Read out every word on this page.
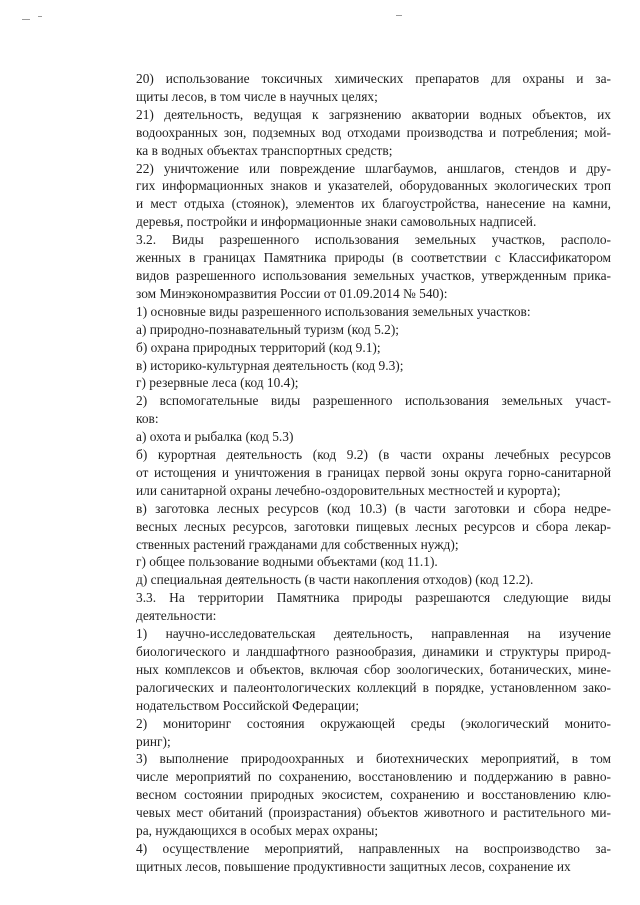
20) использование токсичных химических препаратов для охраны и за-
щиты лесов, в том числе в научных целях;

21) деятельность, ведущая к загрязнению акватории водных объектов, их
водоохранных зон, подземных вод отходами производства и потребления; мой-
ка в водных объектах транспортных средств;

22) уничтожение или повреждение шлагбаумов, аншлагов, стендов и дру-
гих информационных знаков и указателей, оборудованных экологических троп
и мест отдыха (стоянок), элементов их благоустройства, нанесение на камни,
деревья, постройки и информационные знаки самовольных надписей.

3.2. Виды разрешенного использования земельных участков, располо-
женных в границах Памятника природы (в соответствии с Классификатором
видов разрешенного использования земельных участков, утвержденным прика-
зом Минэкономразвития России от 01.09.2014 № 540):

1) основные виды разрешенного использования земельных участков:

а) природно-познавательный туризм (код 5.2);

б) охрана природных территорий (код 9.1);

в) историко-культурная деятельность (код 9.3);

г) резервные леса (код 10.4);

2) вспомогательные виды разрешенного использования земельных участ-
ков:

а) охота и рыбалка (код 5.3)

б) курортная деятельность (код 9.2) (в части охраны лечебных ресурсов
от истощения и уничтожения в границах первой зоны округа горно-санитарной
или санитарной охраны лечебно-оздоровительных местностей и курорта);

в) заготовка лесных ресурсов (код 10.3) (в части заготовки и сбора недре-
весных лесных ресурсов, заготовки пищевых лесных ресурсов и сбора лекар-
ственных растений гражданами для собственных нужд);

г) общее пользование водными объектами (код 11.1).

д) специальная деятельность (в части накопления отходов) (код 12.2).

3.3. На территории Памятника природы разрешаются следующие виды
деятельности:

1) научно-исследовательская деятельность, направленная на изучение
биологического и ландшафтного разнообразия, динамики и структуры природ-
ных комплексов и объектов, включая сбор зоологических, ботанических, мине-
ралогических и палеонтологических коллекций в порядке, установленном зако-
нодательством Российской Федерации;

2) мониторинг состояния окружающей среды (экологический монито-
ринг);

3) выполнение природоохранных и биотехнических мероприятий, в том
числе мероприятий по сохранению, восстановлению и поддержанию в равно-
весном состоянии природных экосистем, сохранению и восстановлению клю-
чевых мест обитаний (произрастания) объектов животного и растительного ми-
ра, нуждающихся в особых мерах охраны;

4) осуществление мероприятий, направленных на воспроизводство за-
щитных лесов, повышение продуктивности защитных лесов, сохранение их
